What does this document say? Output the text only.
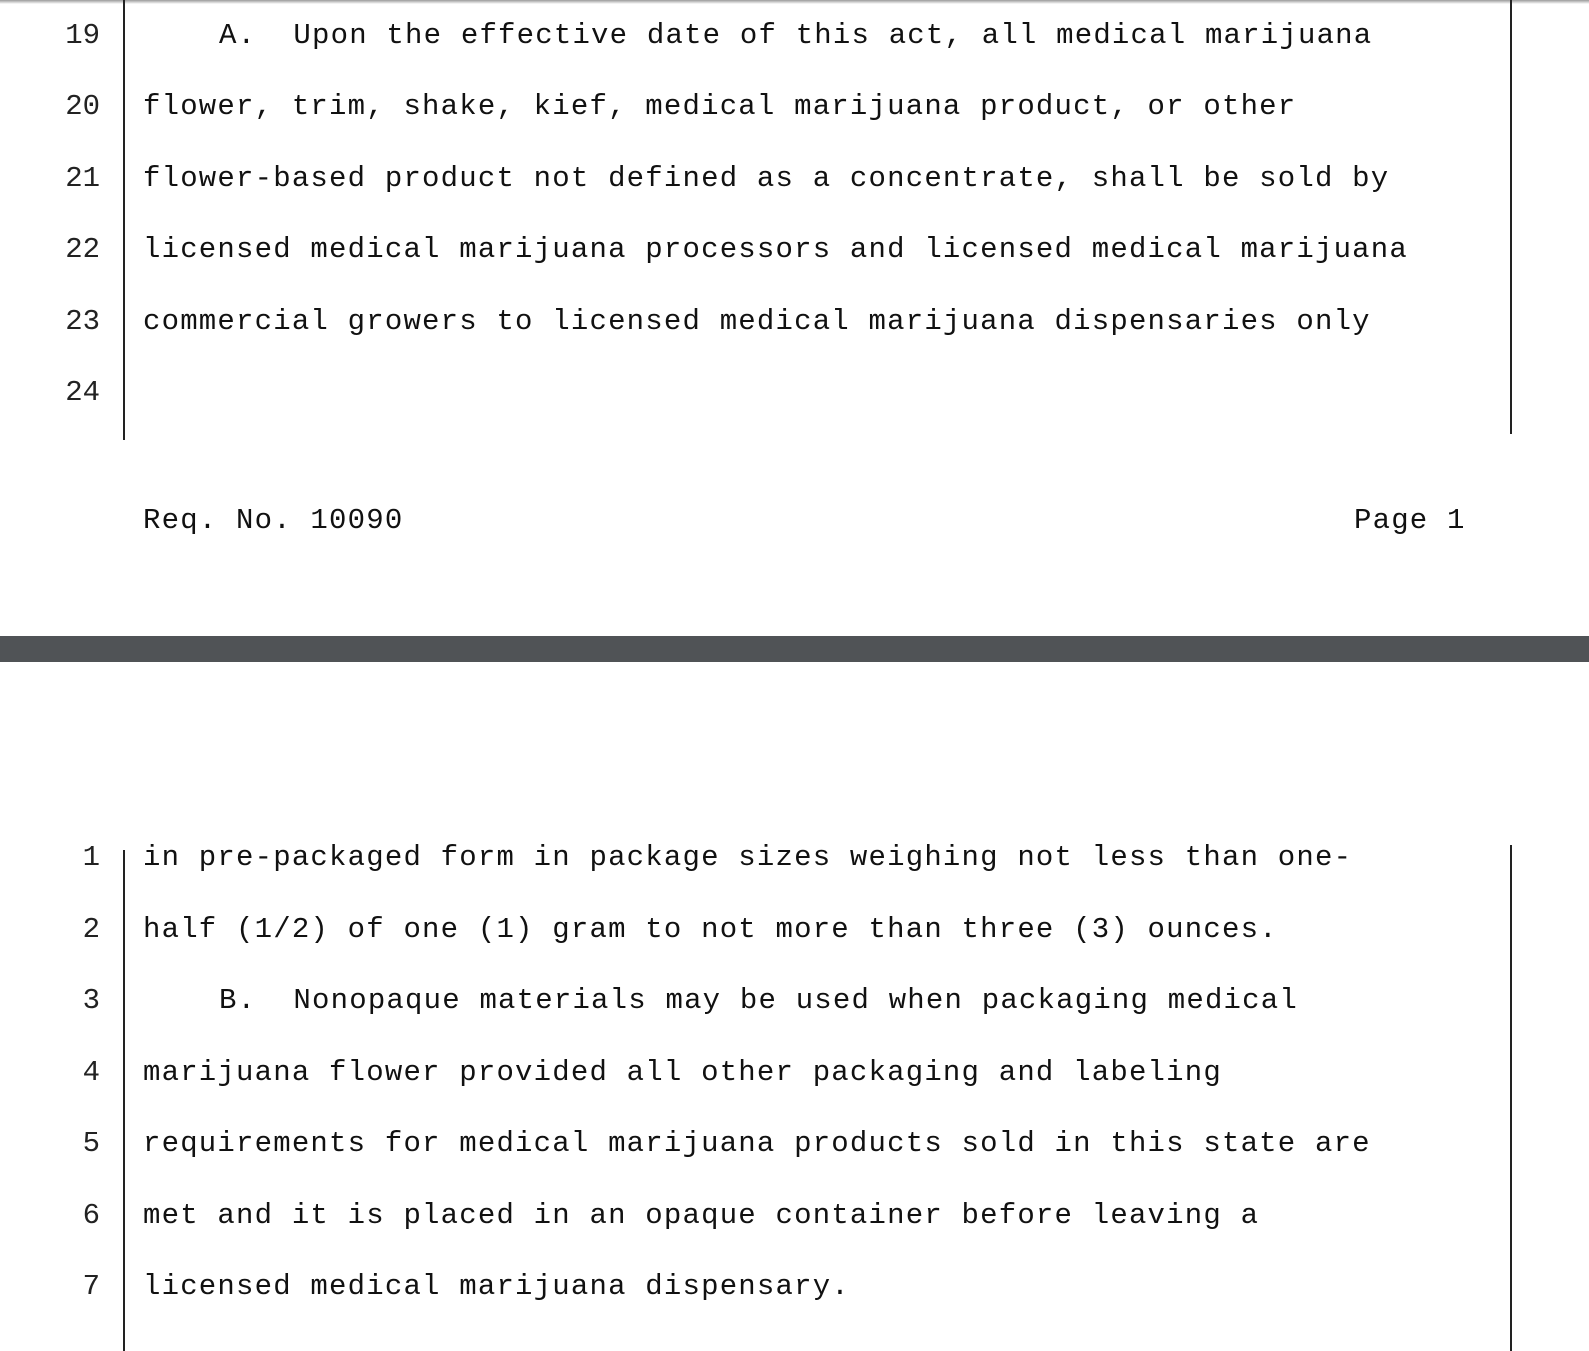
19	A.  Upon the effective date of this act, all medical marijuana
20 flower, trim, shake, kief, medical marijuana product, or other
21 flower-based product not defined as a concentrate, shall be sold by
22 licensed medical marijuana processors and licensed medical marijuana
23 commercial growers to licensed medical marijuana dispensaries only
24
Req. No. 10090	Page 1
1 in pre-packaged form in package sizes weighing not less than one-
2 half (1/2) of one (1) gram to not more than three (3) ounces.
3	B.  Nonopaque materials may be used when packaging medical
4 marijuana flower provided all other packaging and labeling
5 requirements for medical marijuana products sold in this state are
6 met and it is placed in an opaque container before leaving a
7 licensed medical marijuana dispensary.
